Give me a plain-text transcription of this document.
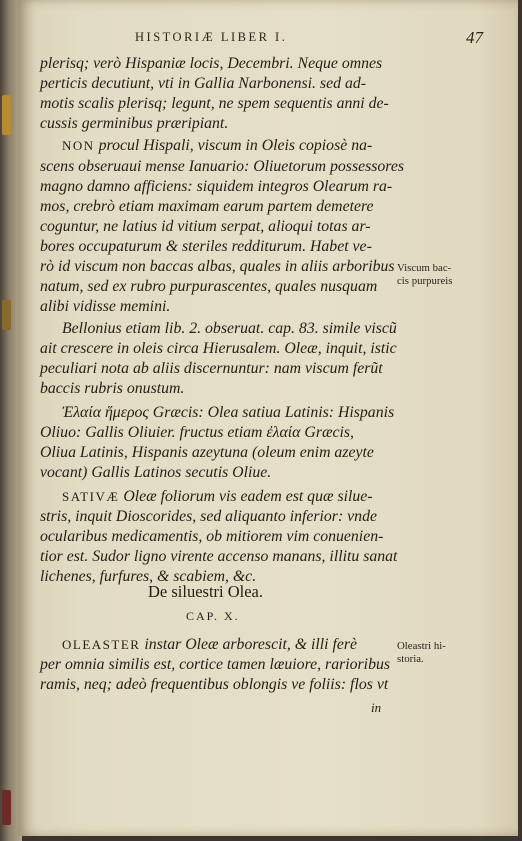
HISTORIÆ LIBER I.	47
plerisq; verò Hispaniæ locis, Decembri. Neque omnes
perticis decutiunt, vti in Gallia Narbonensi. sed ad-
motis scalis plerisq; legunt, ne spem sequentis anni de-
cussis germinibus præripiant.
NON procul Hispali, viscum in Oleis copiosè na-
scens obseruaui mense Ianuario: Oliuetorum possessores
magno damno afficiens: siquidem integros Olearum ra-
mos, crebrò etiam maximam earum partem demetere
coguntur, ne latius id vitium serpat, alioqui totas ar-
bores occupaturum & steriles redditurum. Habet ve-
rò id viscum non baccas albas, quales in aliis arboribus
natum, sed ex rubro purpurascentes, quales nusquam
alibi vidisse memini.
Viscum bac-
cis purpureis
Bellonius etiam lib. 2. obseruat. cap. 83. simile viscũ
ait crescere in oleis circa Hierusalem. Oleæ, inquit, istic
peculiari nota ab aliis discernuntur: nam viscum ferũt
baccis rubris onustum.
Ἐλαία ἥμερος Græcis: Olea satiua Latinis: Hispanis
Oliuo: Gallis Oliuier. fructus etiam ἐλαία Græcis,
Oliua Latinis, Hispanis azeytuna (oleum enim azeyte
vocant) Gallis Latinos secutis Oliue.
SATIVÆ Oleæ foliorum vis eadem est quæ silue-
stris, inquit Dioscorides, sed aliquanto inferior: vnde
ocularibus medicamentis, ob mitiorem vim conuenien-
tior est. Sudor ligno virente accenso manans, illitu sanat
lichenes, furfures, & scabiem, &c.
De siluestri Olea.
CAP. X.
OLEASTER instar Oleæ arborescit, & illi ferè
per omnia similis est, cortice tamen læuiore, rarioribus
ramis, neq; adeò frequentibus oblongis ve foliis: flos vt
Oleastri hi-
storia.
in
